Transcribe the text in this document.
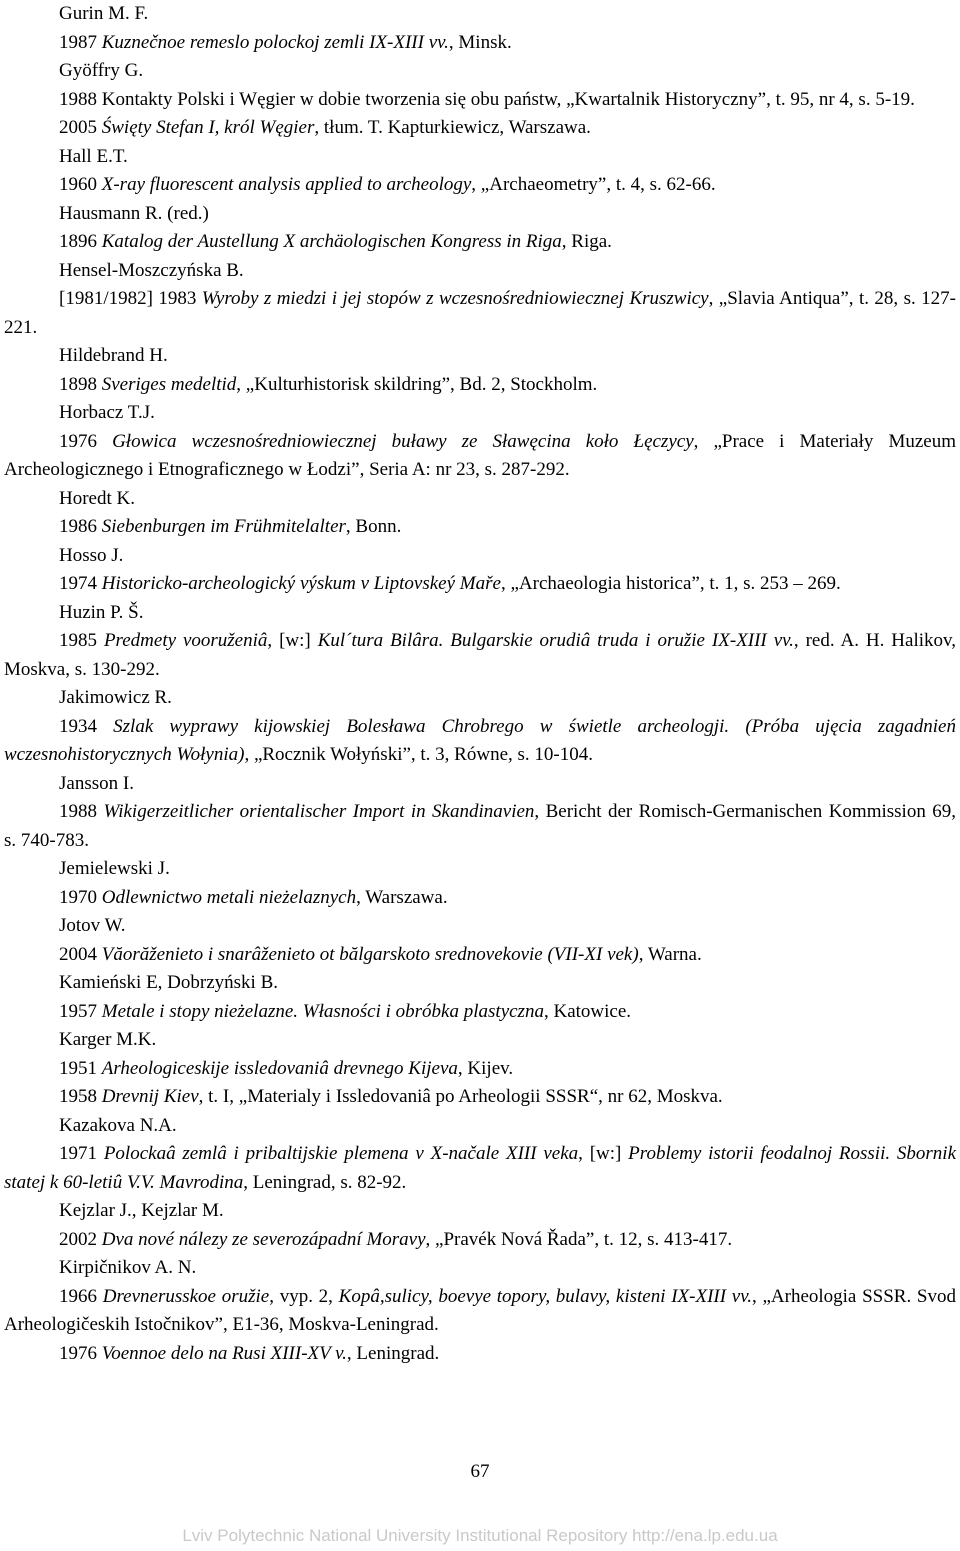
Gurin M. F.

1987 Kuznečnoe remeslo polockoj zemli IX-XIII vv., Minsk.

Gyöffry G.

1988 Kontakty Polski i Węgier w dobie tworzenia się obu państw, „Kwartalnik Historyczny”, t. 95, nr 4, s. 5-19.

2005 Święty Stefan I, król Węgier, tłum. T. Kapturkiewicz, Warszawa.

Hall E.T.

1960 X-ray fluorescent analysis applied to archeology, „Archaeometry”, t. 4, s. 62-66.

Hausmann R. (red.)

1896 Katalog der Austellung X archäologischen Kongress in Riga, Riga.

Hensel-Moszczyńska B.

[1981/1982] 1983 Wyroby z miedzi i jej stopów z wczesnośredniowiecznej Kruszwicy, „Slavia Antiqua”, t. 28, s. 127-221.

Hildebrand H.

1898 Sveriges medeltid, „Kulturhistorisk skildring”, Bd. 2, Stockholm.

Horbacz T.J.

1976 Głowica wczesnośredniowiecznej buławy ze Sławęcina koło Łęczycy, „Prace i Materiały Muzeum Archeologicznego i Etnograficznego w Łodzi”, Seria A: nr 23, s. 287-292.

Horedt K.

1986 Siebenburgen im Frühmitelalter, Bonn.

Hosso J.

1974 Historicko-archeologický výskum v Liptovskeý Maře, „Archaeologia historica”, t. 1, s. 253 – 269.

Huzin P. Š.

1985 Predmety vooruženiâ, [w:] Kul´tura Bilâra. Bulgarskie orudiâ truda i oružie IX-XIII vv., red. A. H. Halikov, Moskva, s. 130-292.

Jakimowicz R.

1934 Szlak wyprawy kijowskiej Bolesława Chrobrego w świetle archeologji. (Próba ujęcia zagadnień wczesnohistorycznych Wołynia), „Rocznik Wołyński”, t. 3, Równe, s. 10-104.

Jansson I.

1988 Wikigerzeitlicher orientalischer Import in Skandinavien, Bericht der Romisch-Germanischen Kommission 69, s. 740-783.

Jemielewski J.

1970 Odlewnictwo metali nieżelaznych, Warszawa.

Jotov W.

2004 Văorăženieto i snarâženieto ot bălgarskoto srednovekovie (VII-XI vek), Warna.

Kamieński E, Dobrzyński B.

1957 Metale i stopy nieżelazne. Własności i obróbka plastyczna, Katowice.

Karger M.K.

1951 Arheologiceskije issledovaniâ drevnego Kijeva, Kijev.

1958 Drevnij Kiev, t. I, „Materialy i Issledovaniâ po Arheologii SSSR“, nr 62, Moskva.

Kazakova N.A.

1971 Polockaâ zemlâ i pribaltijskie plemena v X-načale XIII veka, [w:] Problemy istorii feodalnoj Rossii. Sbornik statej k 60-letiû V.V. Mavrodina, Leningrad, s. 82-92.

Kejzlar J., Kejzlar M.

2002 Dva nové nálezy ze severozápadní Moravy, „Pravék Nová Řada”, t. 12, s. 413-417.

Kirpičnikov A. N.

1966 Drevnerusskoe oružie, vyp. 2, Kopâ,sulicy, boevye topory, bulavy, kisteni IX-XIII vv., „Arheologia SSSR. Svod Arheologičeskih Istočnikov”, E1-36, Moskva-Leningrad.

1976 Voennoe delo na Rusi XIII-XV v., Leningrad.

67
Lviv Polytechnic National University Institutional Repository http://ena.lp.edu.ua
